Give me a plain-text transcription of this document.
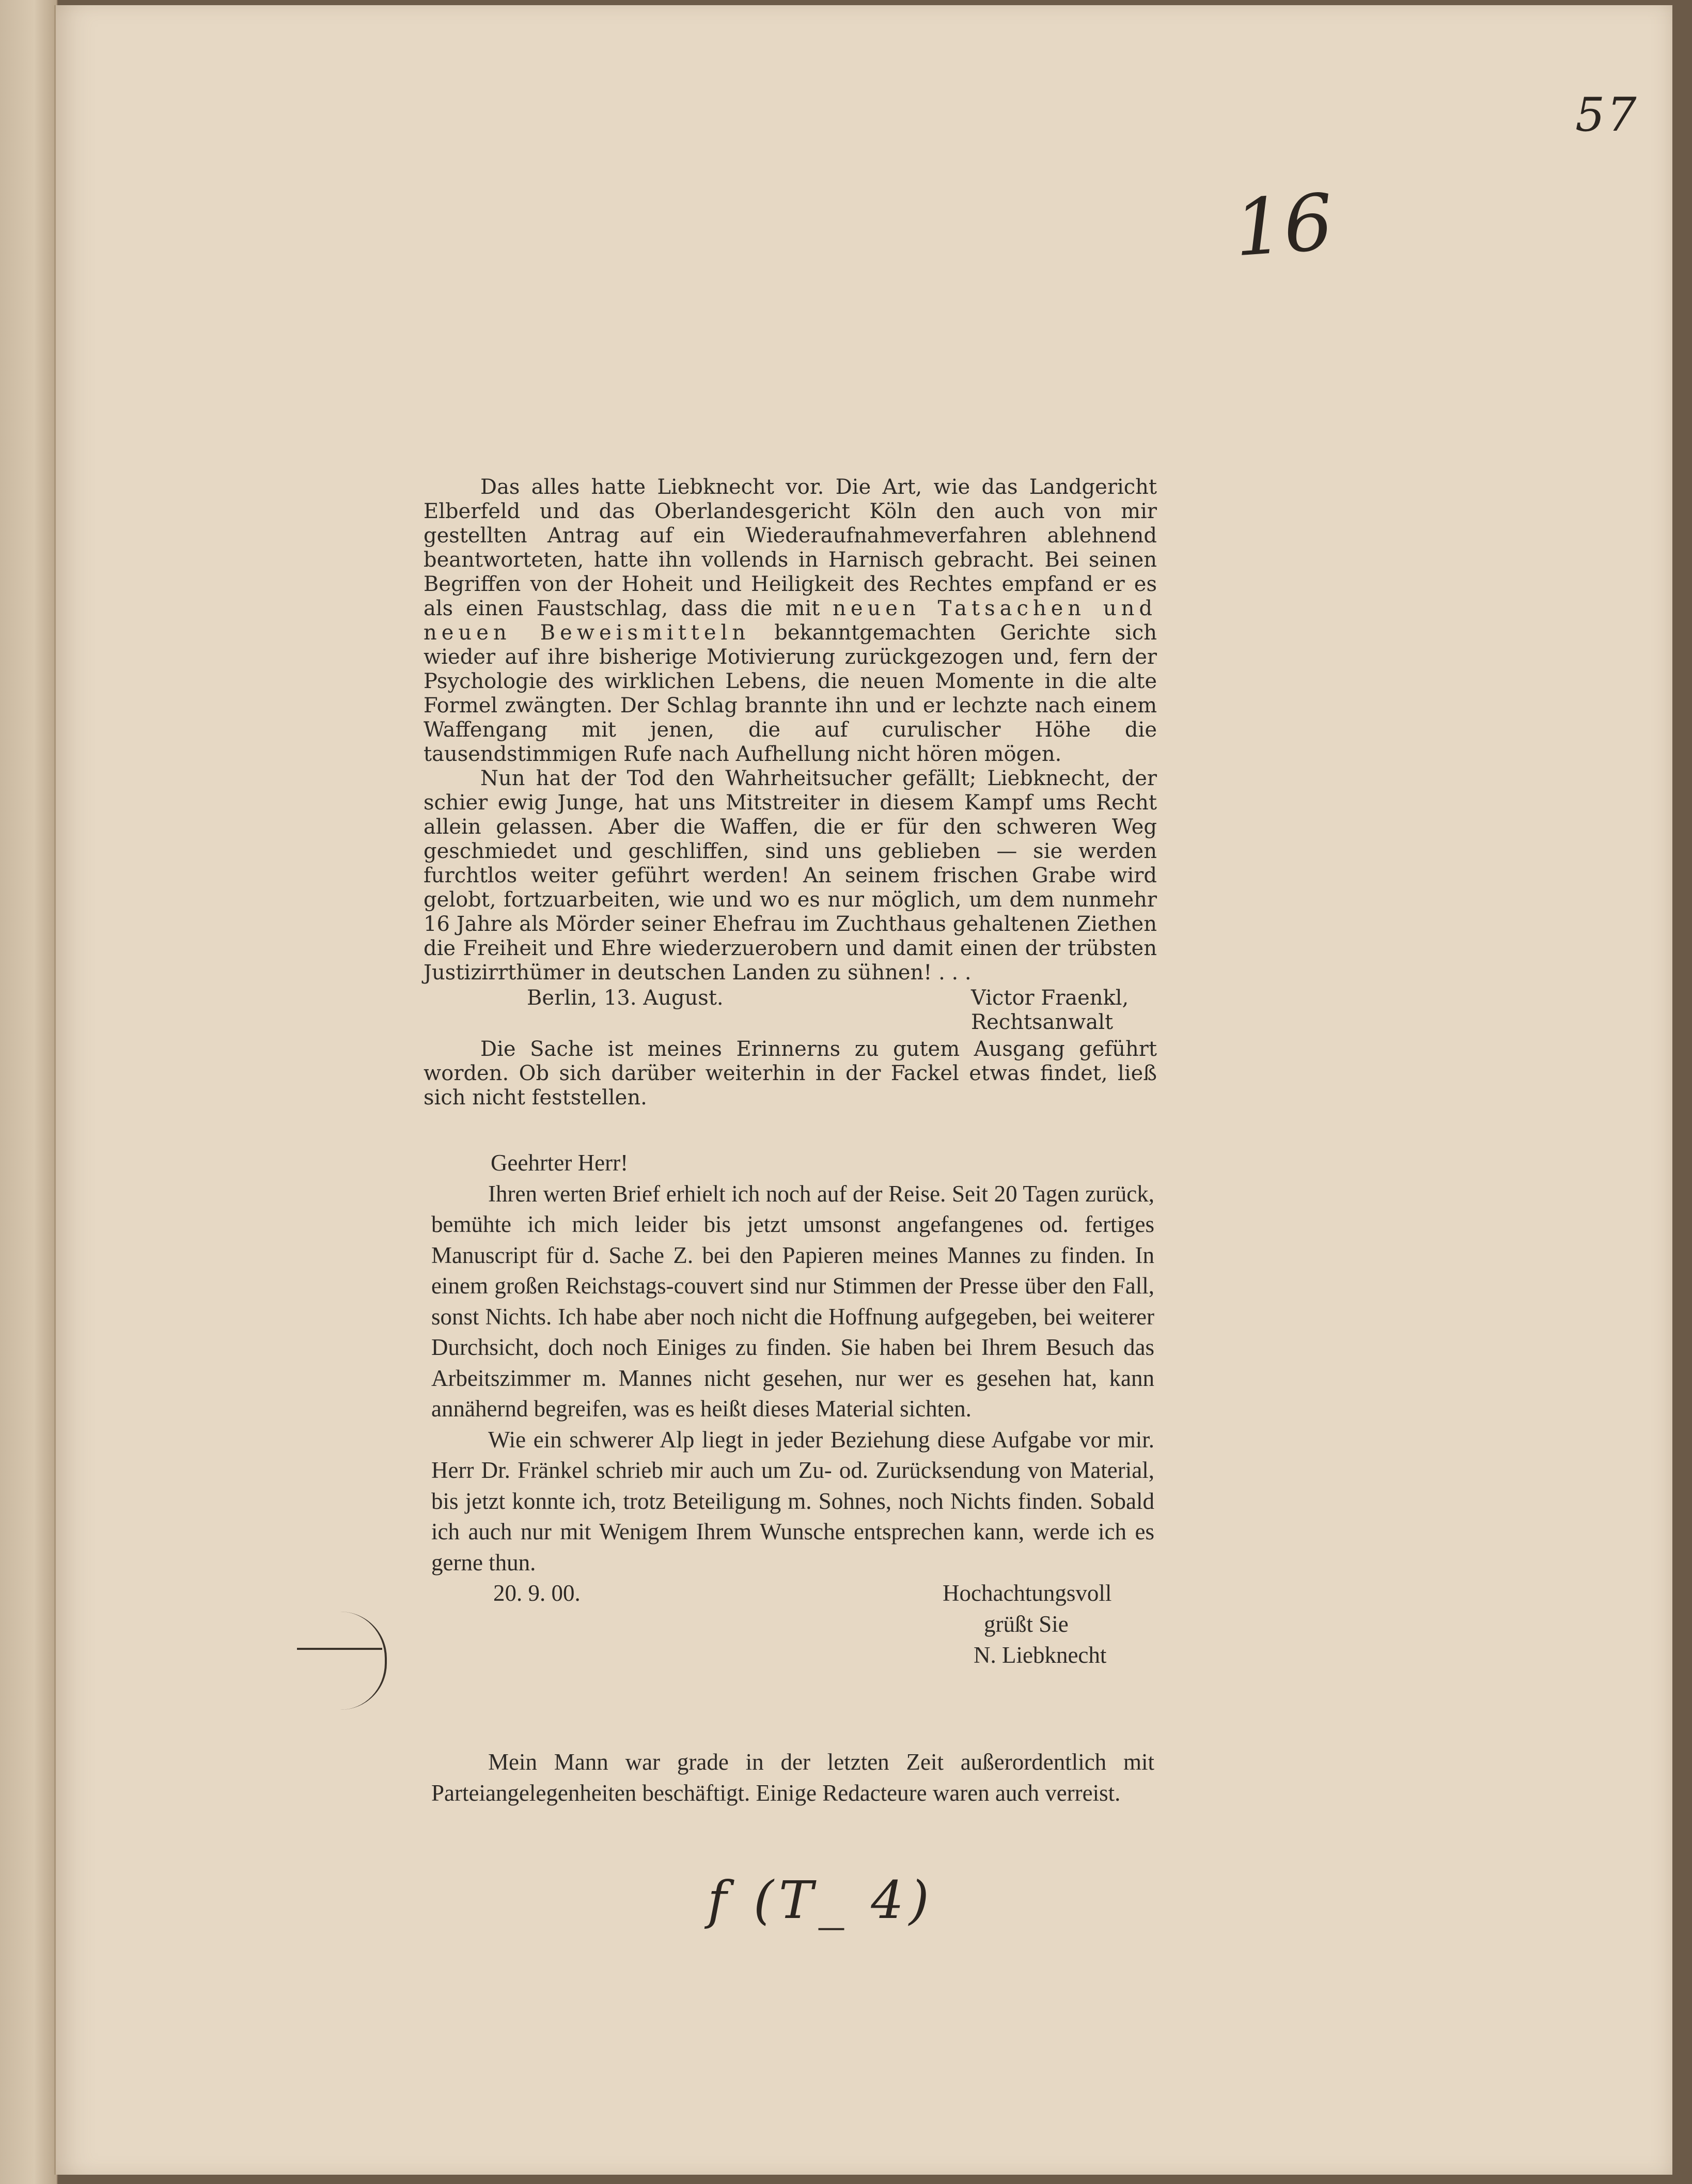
57
16

Das alles hatte Liebknecht vor. Die Art, wie das Landgericht Elberfeld und das Oberlandesgericht Köln den auch von mir gestellten Antrag auf ein Wiederaufnahmeverfahren ablehnend beantworteten, hatte ihn vollends in Harnisch gebracht. Bei seinen Begriffen von der Hoheit und Heiligkeit des Rechtes empfand er es als einen Faustschlag, dass die mit neuen Tatsachen und neuen Beweismitteln bekanntgemachten Gerichte sich wieder auf ihre bisherige Motivierung zurückgezogen und, fern der Psychologie des wirklichen Lebens, die neuen Momente in die alte Formel zwängten. Der Schlag brannte ihn und er lechzte nach einem Waffengang mit jenen, die auf curulischer Höhe die tausendstimmigen Rufe nach Aufhellung nicht hören mögen.

Nun hat der Tod den Wahrheitsucher gefällt; Liebknecht, der schier ewig Junge, hat uns Mitstreiter in diesem Kampf ums Recht allein gelassen. Aber die Waffen, die er für den schweren Weg geschmiedet und geschliffen, sind uns geblieben — sie werden furchtlos weiter geführt werden! An seinem frischen Grabe wird gelobt, fortzuarbeiten, wie und wo es nur möglich, um dem nunmehr 16 Jahre als Mörder seiner Ehefrau im Zuchthaus gehaltenen Ziethen die Freiheit und Ehre wiederzuerobern und damit einen der trübsten Justizirrthümer in deutschen Landen zu sühnen! . . .

Berlin, 13. August.	Victor Fraenkl,
Rechtsanwalt

Die Sache ist meines Erinnerns zu gutem Ausgang geführt worden. Ob sich darüber weiterhin in der Fackel etwas findet, ließ sich nicht feststellen.

Geehrter Herr!

Ihren werten Brief erhielt ich noch auf der Reise. Seit 20 Tagen zurück, bemühte ich mich leider bis jetzt umsonst angefangenes od. fertiges Manuscript für d. Sache Z. bei den Papieren meines Mannes zu finden. In einem großen Reichstags-couvert sind nur Stimmen der Presse über den Fall, sonst Nichts. Ich habe aber noch nicht die Hoffnung aufgegeben, bei weiterer Durchsicht, doch noch Einiges zu finden. Sie haben bei Ihrem Besuch das Arbeitszimmer m. Mannes nicht gesehen, nur wer es gesehen hat, kann annähernd begreifen, was es heißt dieses Material sichten.

Wie ein schwerer Alp liegt in jeder Beziehung diese Aufgabe vor mir. Herr Dr. Fränkel schrieb mir auch um Zu- od. Zurücksendung von Material, bis jetzt konnte ich, trotz Beteiligung m. Sohnes, noch Nichts finden. Sobald ich auch nur mit Wenigem Ihrem Wunsche entsprechen kann, werde ich es gerne thun.

20. 9. 00.	Hochachtungsvoll
grüßt Sie
N. Liebknecht

Mein Mann war grade in der letzten Zeit außerordentlich mit Parteiangelegenheiten beschäftigt. Einige Redacteure waren auch verreist.

f (T_ 4)
